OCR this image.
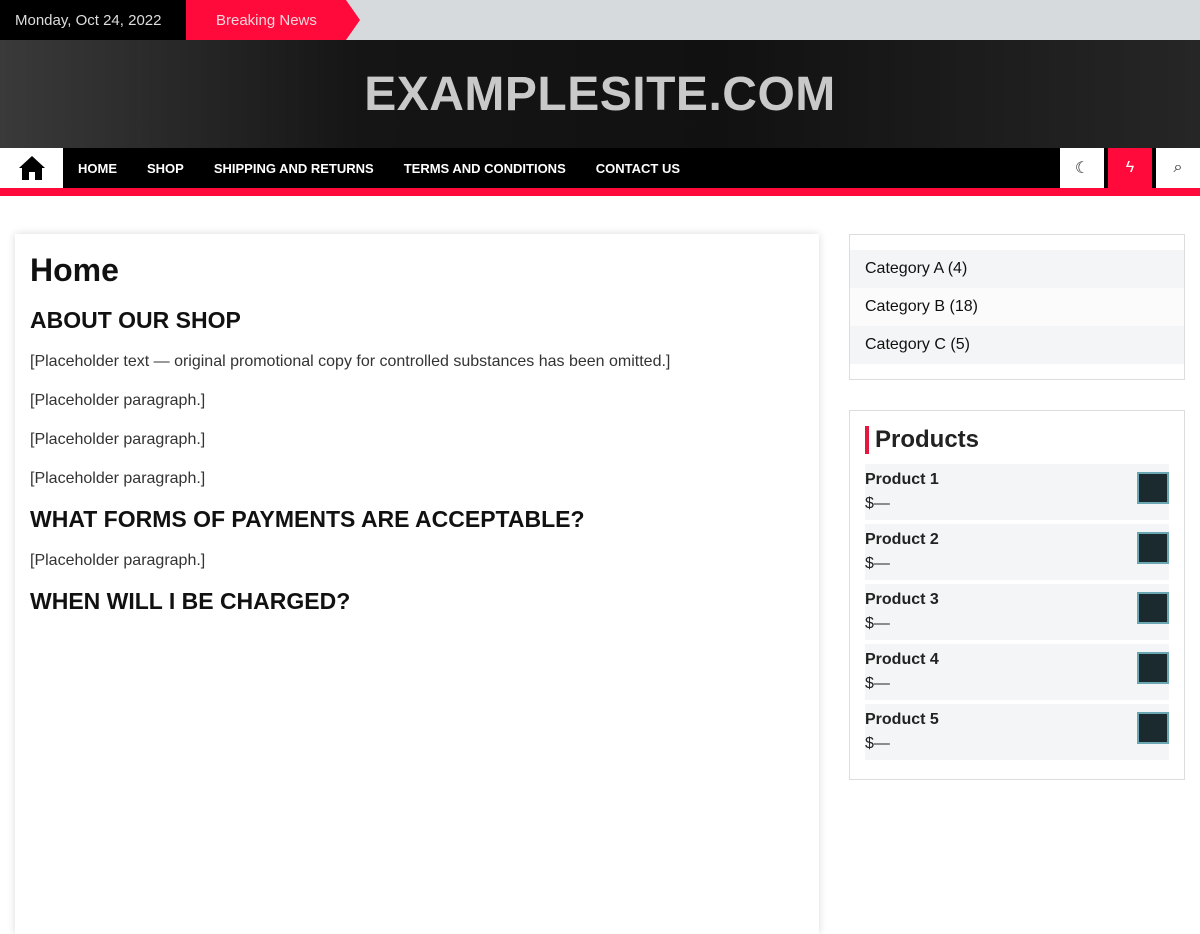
Monday, Oct 24, 2022	Breaking News
EXAMPLESITE.COM
HOME	SHOP	SHIPPING AND RETURNS	TERMS AND CONDITIONS	CONTACT US	☾	ϟ	⌕
Home
ABOUT OUR SHOP

[Placeholder text — original promotional copy for controlled substances has been omitted.]

[Placeholder paragraph.]

[Placeholder paragraph.]

[Placeholder paragraph.]

WHAT FORMS OF PAYMENTS ARE ACCEPTABLE?

[Placeholder paragraph.]

WHEN WILL I BE CHARGED?
Category A (4)
Category B (18)
Category C (5)
Products
Product 1
$—
Product 2
$—
Product 3
$—
Product 4
$—
Product 5
$—
